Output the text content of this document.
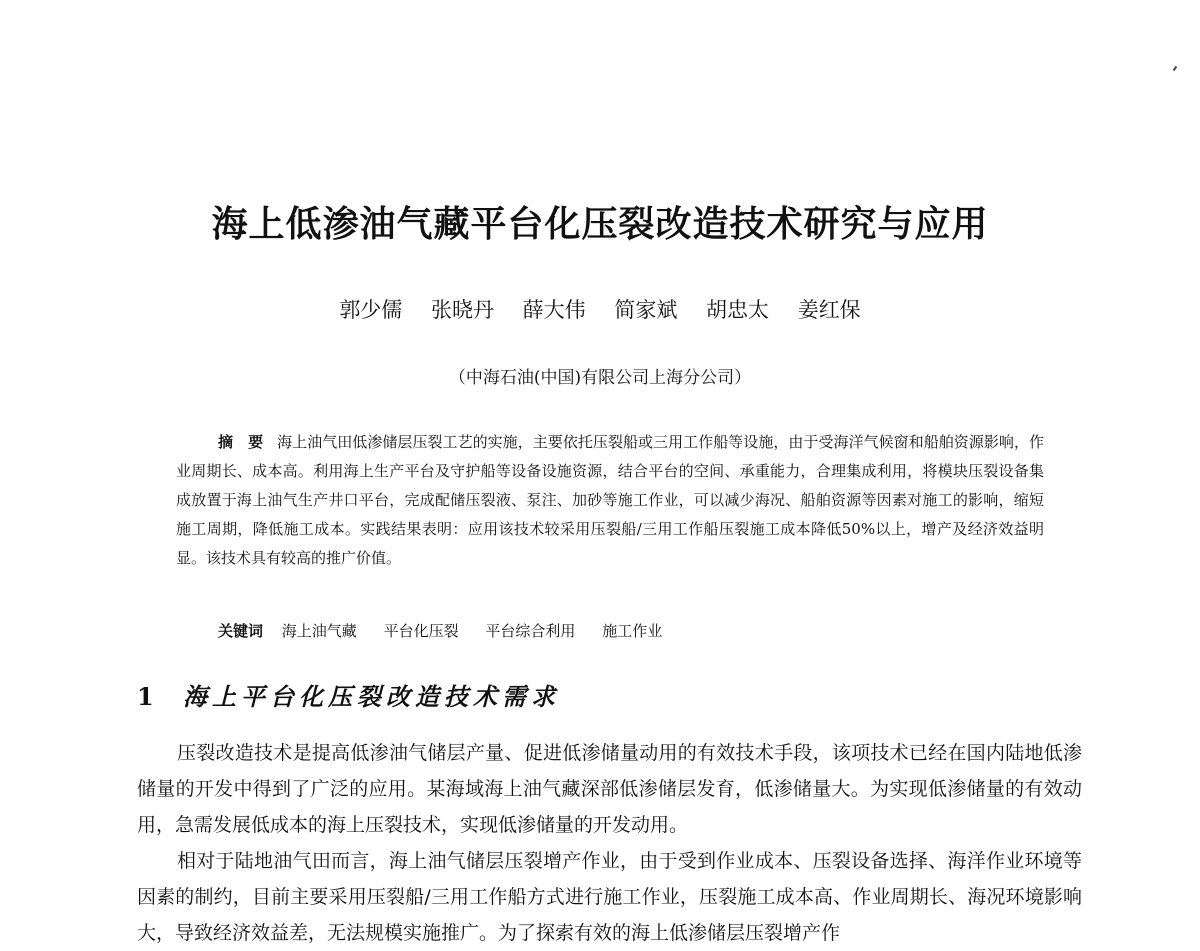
海上低渗油气藏平台化压裂改造技术研究与应用

郭少儒 张晓丹 薛大伟 简家斌 胡忠太 姜红保

（中海石油(中国)有限公司上海分公司）

摘　要 海上油气田低渗储层压裂工艺的实施，主要依托压裂船或三用工作船等设施，由于受海洋气候窗和船舶资源影响，作业周期长、成本高。利用海上生产平台及守护船等设备设施资源，结合平台的空间、承重能力，合理集成利用，将模块压裂设备集成放置于海上油气生产井口平台，完成配储压裂液、泵注、加砂等施工作业，可以减少海况、船舶资源等因素对施工的影响，缩短施工周期，降低施工成本。实践结果表明：应用该技术较采用压裂船/三用工作船压裂施工成本降低50%以上，增产及经济效益明显。该技术具有较高的推广价值。

关键词 海上油气藏 平台化压裂 平台综合利用 施工作业

1 海上平台化压裂改造技术需求

压裂改造技术是提高低渗油气储层产量、促进低渗储量动用的有效技术手段，该项技术已经在国内陆地低渗储量的开发中得到了广泛的应用。某海域海上油气藏深部低渗储层发育，低渗储量大。为实现低渗储量的有效动用，急需发展低成本的海上压裂技术，实现低渗储量的开发动用。

相对于陆地油气田而言，海上油气储层压裂增产作业，由于受到作业成本、压裂设备选择、海洋作业环境等因素的制约，目前主要采用压裂船/三用工作船方式进行施工作业，压裂施工成本高、作业周期长、海况环境影响大，导致经济效益差，无法规模实施推广。为了探索有效的海上低渗储层压裂增产作
